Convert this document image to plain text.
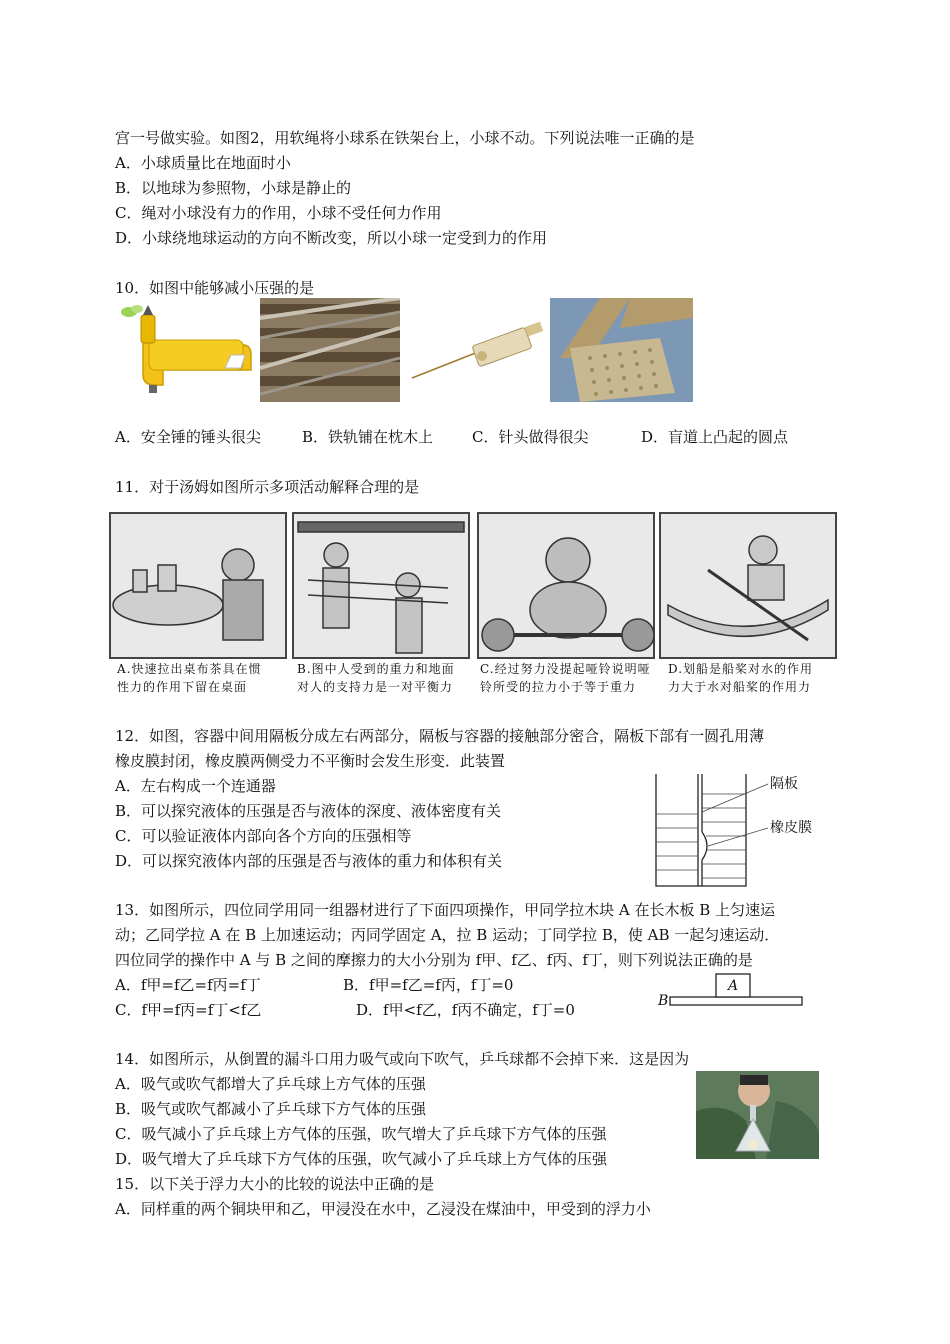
宫一号做实验。如图2，用软绳将小球系在铁架台上，小球不动。下列说法唯一正确的是
A．小球质量比在地面时小
B．以地球为参照物，小球是静止的
C．绳对小球没有力的作用，小球不受任何力作用
D．小球绕地球运动的方向不断改变，所以小球一定受到力的作用
10．如图中能够减小压强的是
A．安全锤的锤头很尖	B．铁轨铺在枕木上	C．针头做得很尖	D．盲道上凸起的圆点
11．对于汤姆如图所示多项活动解释合理的是
A.快速拉出桌布茶具在惯
性力的作用下留在桌面
B.图中人受到的重力和地面
对人的支持力是一对平衡力
C.经过努力没提起哑铃说明哑
铃所受的拉力小于等于重力
D.划船是船桨对水的作用
力大于水对船桨的作用力
12．如图，容器中间用隔板分成左右两部分，隔板与容器的接触部分密合，隔板下部有一圆孔用薄
橡皮膜封闭，橡皮膜两侧受力不平衡时会发生形变．此装置
A．左右构成一个连通器
B．可以探究液体的压强是否与液体的深度、液体密度有关
C．可以验证液体内部向各个方向的压强相等
D．可以探究液体内部的压强是否与液体的重力和体积有关
隔板
橡皮膜
13．如图所示，四位同学用同一组器材进行了下面四项操作，甲同学拉木块 A 在长木板 B 上匀速运
动；乙同学拉 A 在 B 上加速运动；丙同学固定 A，拉 B 运动；丁同学拉 B，使 AB 一起匀速运动．
四位同学的操作中 A 与 B 之间的摩擦力的大小分别为 f甲、f乙、f丙、f丁，则下列说法正确的是
A．f甲=f乙=f丙=f丁	B．f甲=f乙=f丙，f丁=0
C．f甲=f丙=f丁<f乙	D．f甲<f乙，f丙不确定，f丁=0
A
B
14．如图所示，从倒置的漏斗口用力吸气或向下吹气，乒乓球都不会掉下来．这是因为
A．吸气或吹气都增大了乒乓球上方气体的压强
B．吸气或吹气都减小了乒乓球下方气体的压强
C．吸气减小了乒乓球上方气体的压强，吹气增大了乒乓球下方气体的压强
D．吸气增大了乒乓球下方气体的压强，吹气减小了乒乓球上方气体的压强
15．以下关于浮力大小的比较的说法中正确的是
A．同样重的两个铜块甲和乙，甲浸没在水中，乙浸没在煤油中，甲受到的浮力小
